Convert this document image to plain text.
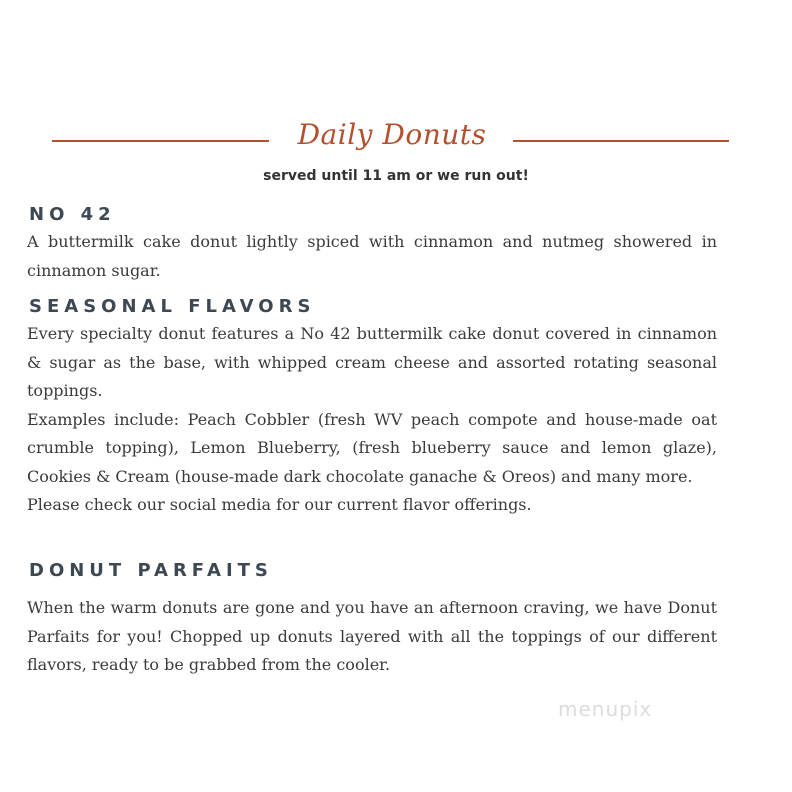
Daily Donuts
served until 11 am or we run out!
NO 42

A buttermilk cake donut lightly spiced with cinnamon and nutmeg showered in cinnamon sugar.

SEASONAL FLAVORS

Every specialty donut features a No 42 buttermilk cake donut covered in cinnamon & sugar as the base, with whipped cream cheese and assorted rotating seasonal toppings.

Examples include: Peach Cobbler (fresh WV peach compote and house-made oat crumble topping), Lemon Blueberry, (fresh blueberry sauce and lemon glaze), Cookies & Cream (house-made dark chocolate ganache & Oreos) and many more.

Please check our social media for our current flavor offerings.

DONUT PARFAITS

When the warm donuts are gone and you have an afternoon craving, we have Donut Parfaits for you! Chopped up donuts layered with all the toppings of our different flavors, ready to be grabbed from the cooler.

menupix
